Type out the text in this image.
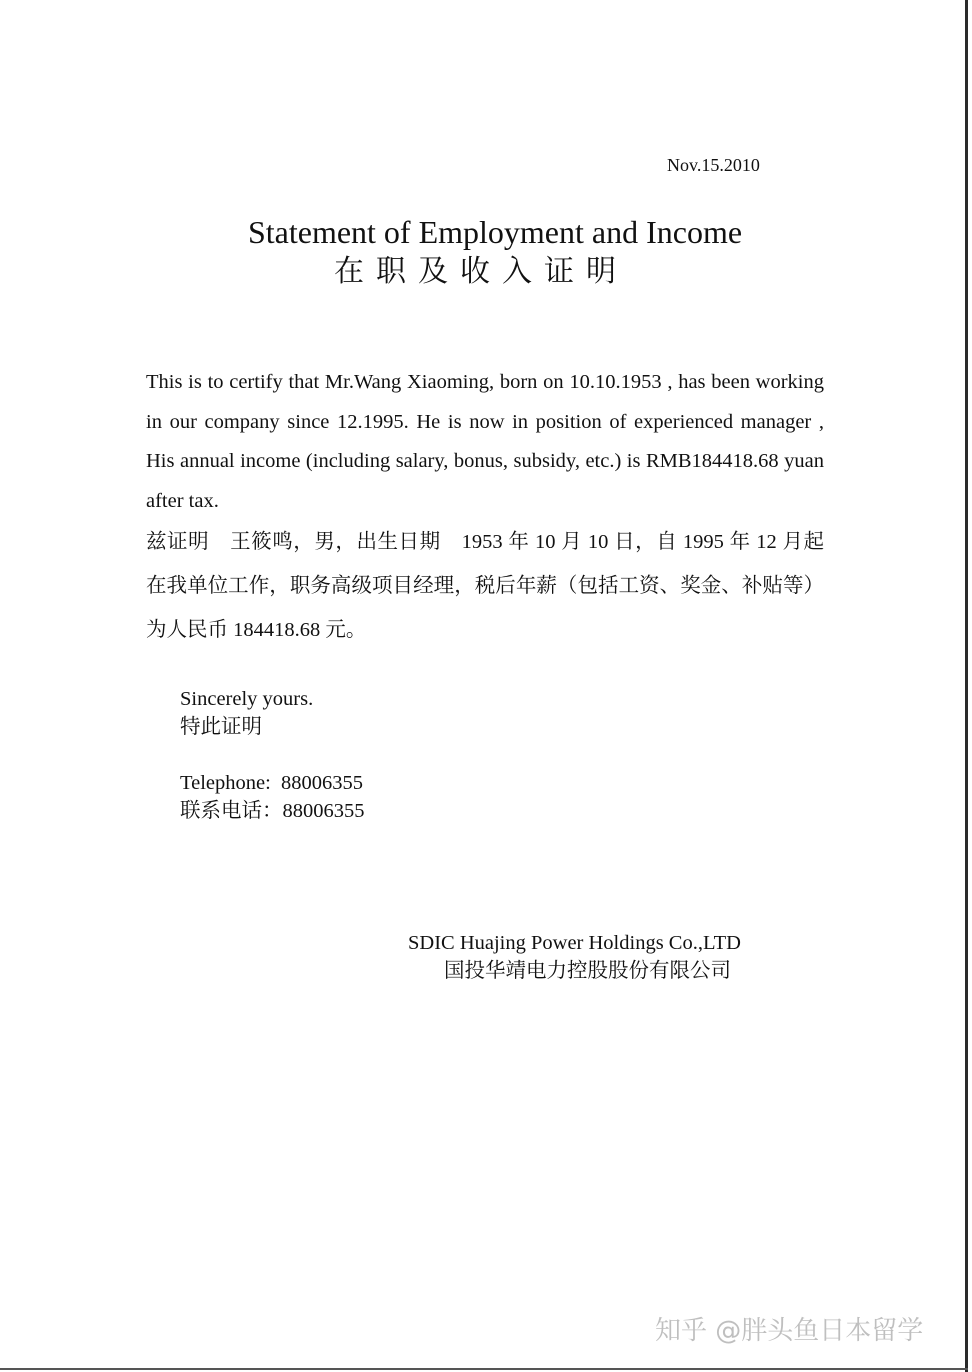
Nov.15.2010
Statement of Employment and Income
在职及收入证明
This is to certify that Mr.Wang Xiaoming, born on 10.10.1953 , has been working in our company since 12.1995. He is now in position of experienced manager , His annual income (including salary, bonus, subsidy, etc.) is RMB184418.68 yuan after tax.
兹证明　王筱鸣，男，出生日期　1953 年 10 月 10 日，自 1995 年 12 月起在我单位工作，职务高级项目经理，税后年薪（包括工资、奖金、补贴等）为人民币 184418.68 元。
Sincerely yours.
特此证明
Telephone:  88006355
联系电话：88006355
SDIC Huajing Power Holdings Co.,LTD
国投华靖电力控股股份有限公司
知乎 @胖头鱼日本留学
